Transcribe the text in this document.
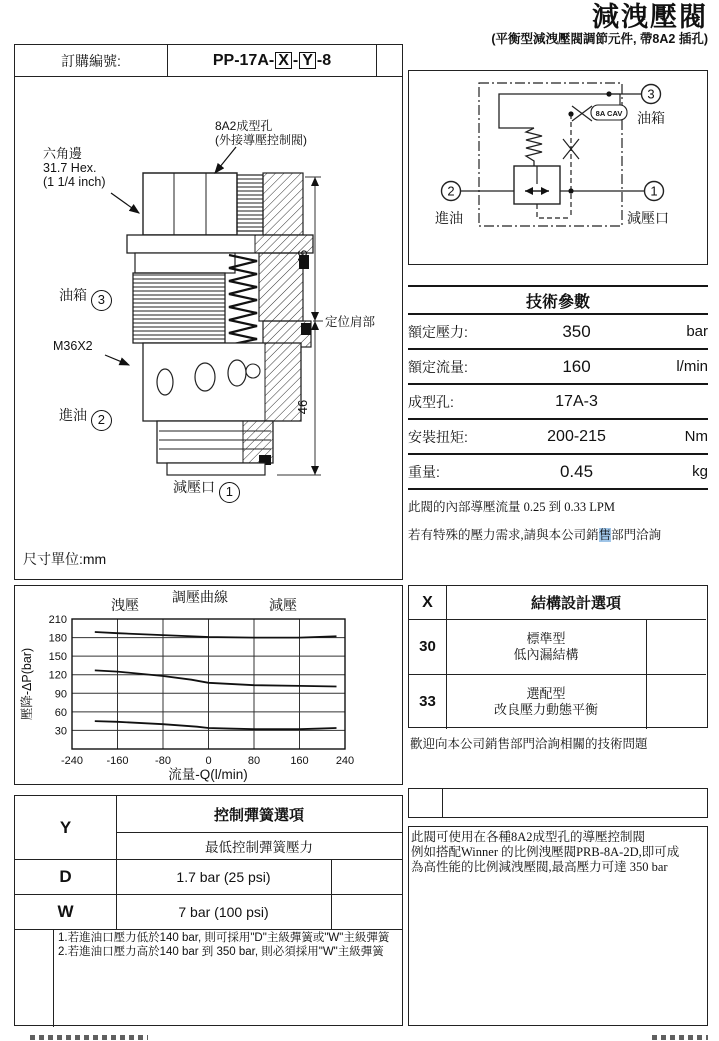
減洩壓閥
(平衡型減洩壓閥調節元件, 帶8A2 插孔)
訂購編號:	PP-17A- X - Y -8
46
46
定位肩部
8A2成型孔
(外接導壓控制閥)
六角邊
31.7 Hex.
(1 1/4 inch)
油箱 3
M36X2
進油 2
減壓口 1
尺寸單位:mm
8A CAV
3
2	1
油箱
進油	減壓口
技術參數
額定壓力:	350	bar
額定流量:	160	l/min
成型孔:	17A-3
安裝扭矩:	200-215	Nm
重量:	0.45	kg
此閥的內部導壓流量 0.25 到 0.33 LPM
若有特殊的壓力需求,請與本公司銷售部門洽詢
調壓曲線
洩壓	減壓
壓降-ΔP(bar)
流量-Q(l/min)
-240 -160 -80	0	80	160 240
30
60
90
120
150
180
210
X	結構設計選項
30	標準型
低內漏結構
33	選配型
改良壓力動態平衡
歡迎向本公司銷售部門洽詢相關的技術問題
Y
控制彈簧選項
最低控制彈簧壓力
D	1.7 bar (25 psi)
W	7 bar (100 psi)
1.若進油口壓力低於140 bar, 則可採用"D"主級彈簧或"W"主級彈簧
2.若進油口壓力高於140 bar 到 350 bar, 則必須採用"W"主級彈簧
此閥可使用在各種8A2成型孔的導壓控制閥
例如搭配Winner 的比例洩壓閥PRB-8A-2D,即可成
為高性能的比例減洩壓閥,最高壓力可達 350 bar
